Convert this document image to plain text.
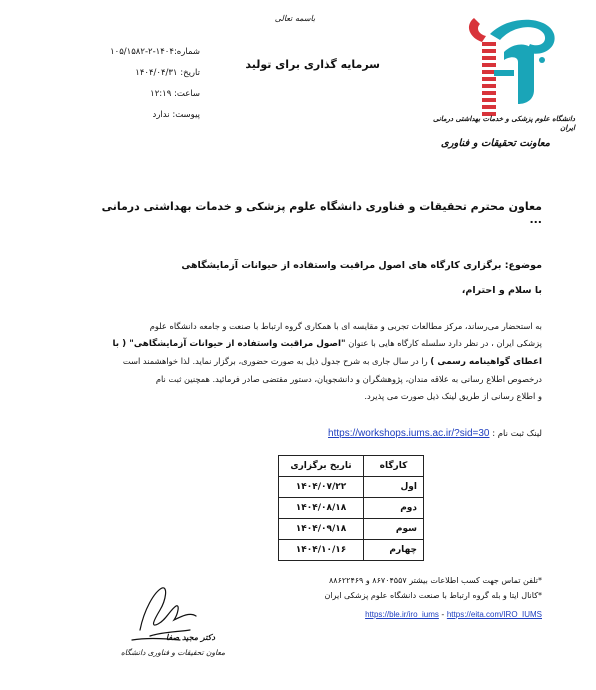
باسمه تعالی
شماره:۱۴۰۴-۲-۱۰۵/۱۵۸۲
تاریخ: ۱۴۰۴/۰۴/۳۱
ساعت: ۱۲:۱۹
پیوست: ندارد
سرمایه گذاری برای تولید
دانشگاه علوم پزشکی و خدمات بهداشتی درمانی ایران
معاونت تحقیقات و فناوری
معاون محترم تحقیقات و فناوری دانشگاه علوم پزشکی و خدمات بهداشتی درمانی ...
موضوع: برگزاری کارگاه های اصول مراقبت واستفاده از حیوانات آزمایشگاهی
با سلام و احترام،
به استحضار می‌رساند، مرکز مطالعات تجربی و مقایسه ای با همکاری گروه ارتباط با صنعت و جامعه دانشگاه علوم
پزشکی ایران ، در نظر دارد سلسله کارگاه هایی با عنوان "اصول مراقبت واستفاده از حیوانات آزمایشگاهی" ( با
اعطای گواهینامه رسمی ) را در سال جاری به شرح جدول ذیل به صورت حضوری، برگزار نماید. لذا خواهشمند است
درخصوص اطلاع رسانی به علاقه مندان، پژوهشگران و دانشجویان، دستور مقتضی صادر فرمائید. همچنین ثبت نام
و اطلاع رسانی از طریق لینک ذیل صورت می پذیرد.
لینک ثبت نام : https://workshops.iums.ac.ir/?sid=30
کارگاه	تاریخ برگزاری
اول	۱۴۰۴/۰۷/۲۲
دوم	۱۴۰۴/۰۸/۱۸
سوم	۱۴۰۴/۰۹/۱۸
چهارم	۱۴۰۴/۱۰/۱۶
*تلفن تماس جهت کسب اطلاعات بیشتر ۸۶۷۰۴۵۵۷ و ۸۸۶۲۲۴۶۹
*کانال ایتا و بله گروه ارتباط با صنعت دانشگاه علوم پزشکی ایران
https://ble.ir/iro_iums - https://eita.com/IRO_IUMS
دکتر مجید صفا
معاون تحقیقات و فناوری دانشگاه
